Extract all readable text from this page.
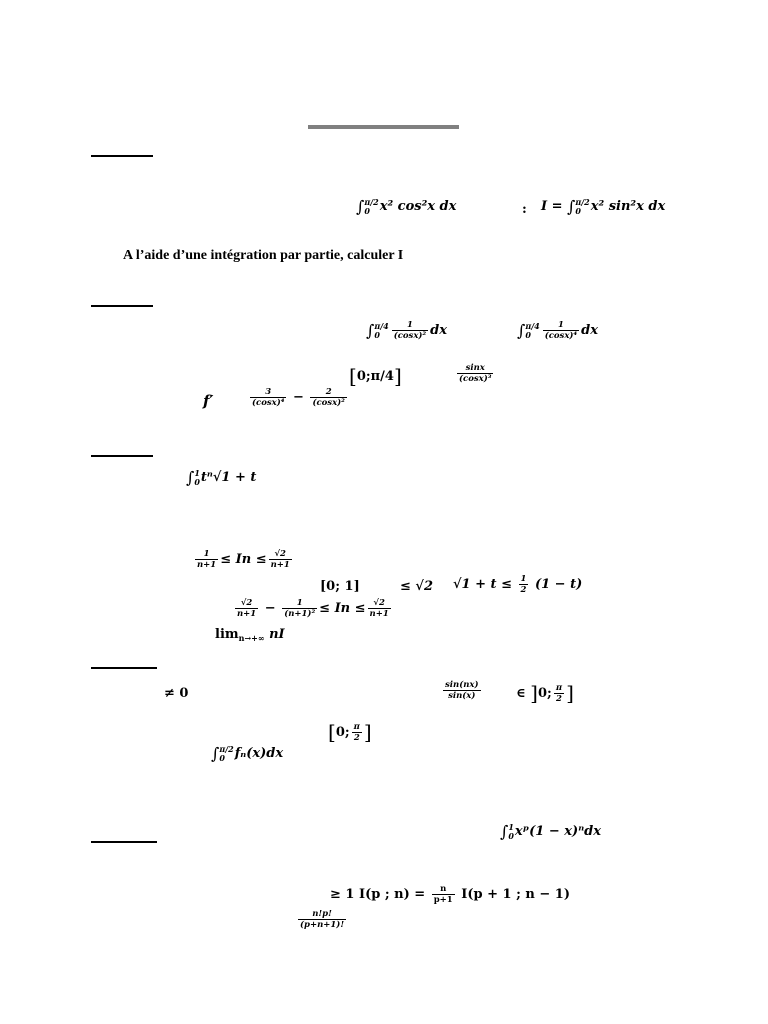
∫π/2
0 x² cos²x dx	: I = ∫π/2
0 x² sin²x dx
A l’aide d’une intégration par partie, calculer I
∫π/4
$0 \frac{1}{\text{(cosx)²}}$ dx	∫π/4
$0 \frac{1}{\text{(cosx)⁴}}$ dx
[0;π/4]	$\frac{\sin x}{\text{(cosx)³}}$
f′	$\frac{3}{\text{(cosx)⁴}} - \frac{2}{\text{(cosx)²}}$
∫1
0tⁿ√1 + t
$\frac{1}{n+1} \le In \le \frac{√2}{n+1}$
[0; 1]	≤ √2 $√1 + t \le \frac{1}{2} (1 - t)$
$\frac{√2}{n+1} - \frac{1}{\text{(n+1)²}} \le In \le \frac{√2}{n+1}$
$\lim_{n\to+\infty}$ nI
≠ 0	$\frac{\sin(nx)}{\sin(x)}$	∈ ]0; $\frac{\pi}{2}$ ]
[0; $\frac{\pi}{2}$ ]
∫π/2
0 fₙ(x)dx
∫1
0xᵖ(1 − x)ⁿdx
≥ 1 I(p ; $n) = \frac{n}{p+1} I(p + 1$ ; n − 1)
$\frac{n!p!}{(p+n+1)!}$
